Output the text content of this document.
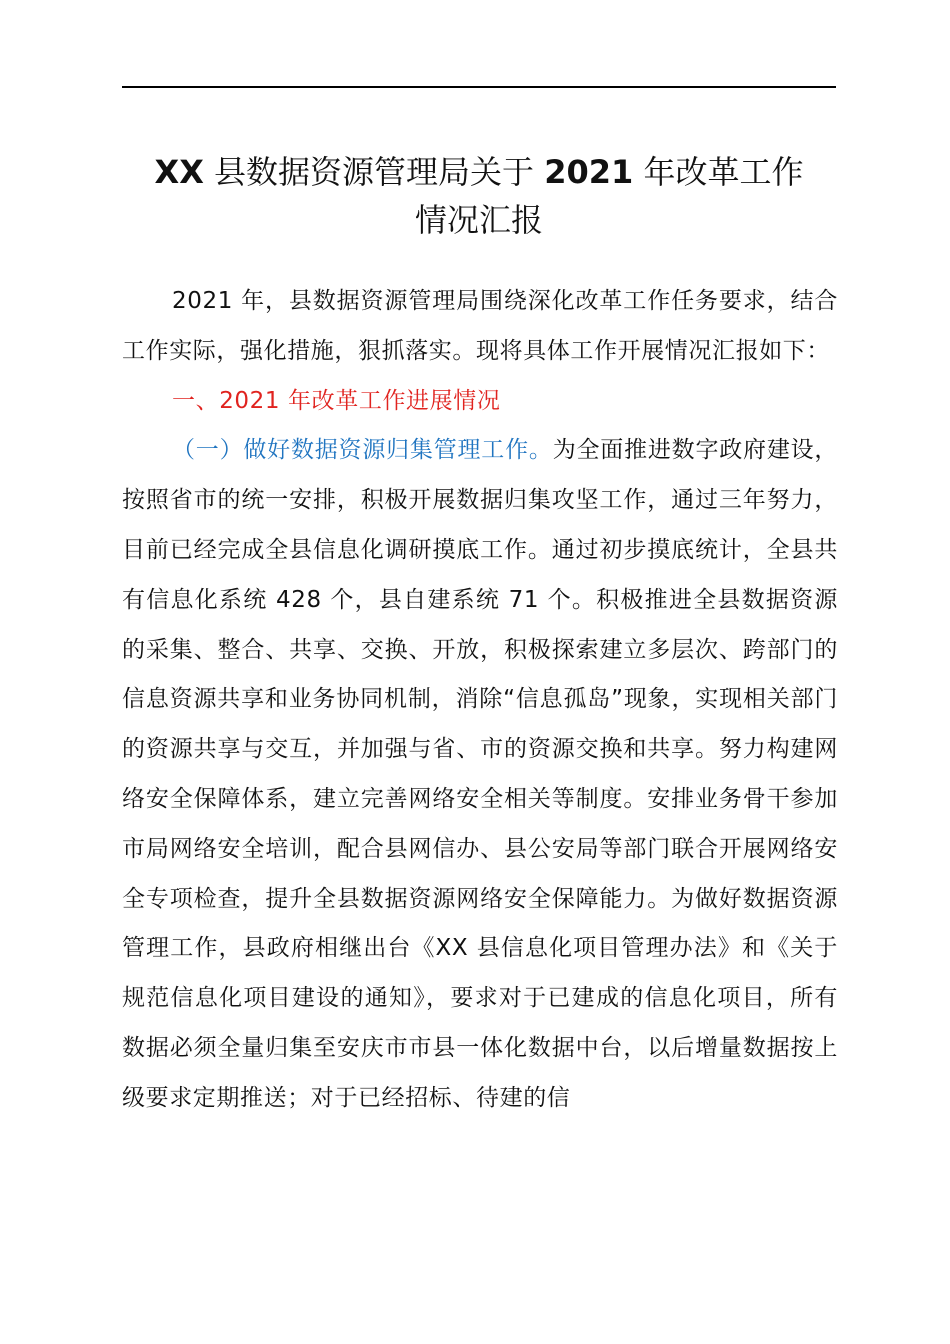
XX 县数据资源管理局关于 2021 年改革工作
情况汇报

2021 年，县数据资源管理局围绕深化改革工作任务要求，结合工作实际，强化措施，狠抓落实。现将具体工作开展情况汇报如下：

一、2021 年改革工作进展情况

（一）做好数据资源归集管理工作。为全面推进数字政府建设，按照省市的统一安排，积极开展数据归集攻坚工作，通过三年努力，目前已经完成全县信息化调研摸底工作。通过初步摸底统计，全县共有信息化系统 428 个，县自建系统 71 个。积极推进全县数据资源的采集、整合、共享、交换、开放，积极探索建立多层次、跨部门的信息资源共享和业务协同机制，消除“信息孤岛”现象，实现相关部门的资源共享与交互，并加强与省、市的资源交换和共享。努力构建网络安全保障体系，建立完善网络安全相关等制度。安排业务骨干参加市局网络安全培训，配合县网信办、县公安局等部门联合开展网络安全专项检查，提升全县数据资源网络安全保障能力。为做好数据资源管理工作，县政府相继出台《XX 县信息化项目管理办法》和《关于规范信息化项目建设的通知》，要求对于已建成的信息化项目，所有数据必须全量归集至安庆市市县一体化数据中台，以后增量数据按上级要求定期推送；对于已经招标、待建的信
